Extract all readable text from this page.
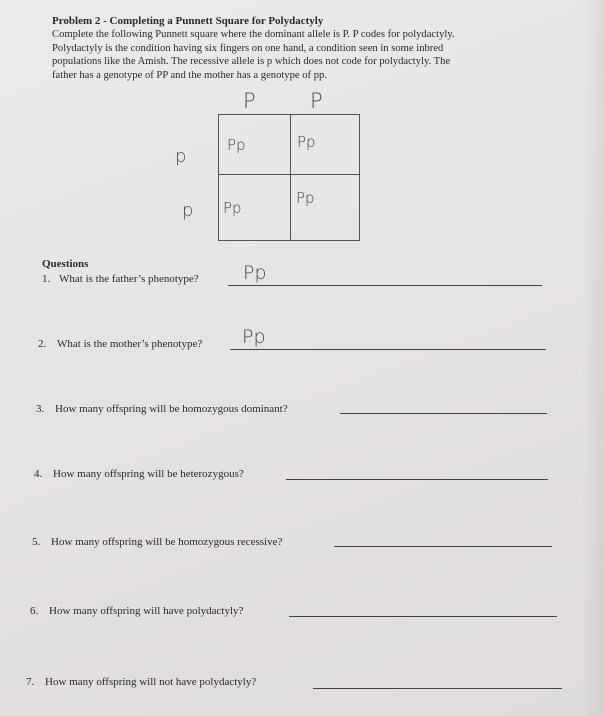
Problem 2 - Completing a Punnett Square for Polydactyly

Complete the following Punnett square where the dominant allele is P. P codes for polydactyly.

Polydactyly is the condition having six fingers on one hand, a condition seen in some inbred

populations like the Amish. The recessive allele is p which does not code for polydactyly. The

father has a genotype of PP and the mother has a genotype of pp.

P	P
p
p
Pp	Pp
Pp
Pp
Questions
1. What is the father’s phenotype? Pp
2. What is the mother’s phenotype? Pp
3. How many offspring will be homozygous dominant?
4. How many offspring will be heterozygous?
5. How many offspring will be homozygous recessive?
6. How many offspring will have polydactyly?
7. How many offspring will not have polydactyly?
